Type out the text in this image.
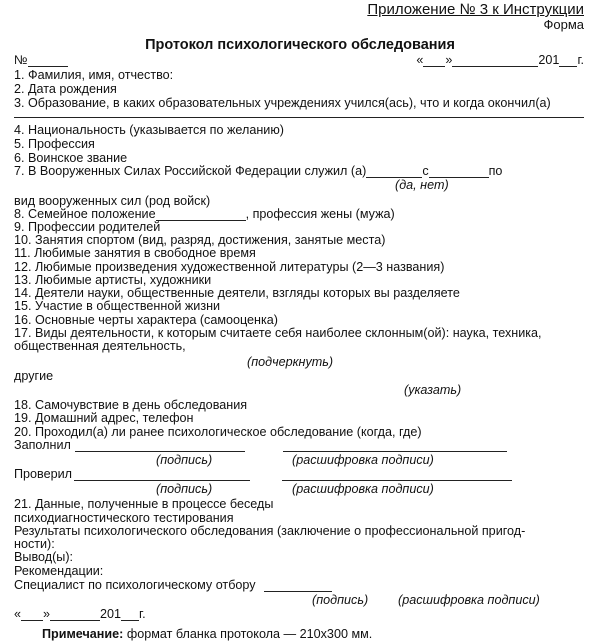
Приложение № 3 к Инструкции
Форма
Протокол психологического обследования
№	« »	201 г.
1. Фамилия, имя, отчество:
2. Дата рождения
3. Образование, в каких образовательных учреждениях учился(ась), что и когда окончил(а)
4. Национальность (указывается по желанию)
5. Профессия
6. Воинское звание
7. В Вооруженных Силах Российской Федерации служил (а)	с	по
(да, нет)
вид вооруженных сил (род войск)
8. Семейное положение	, профессия жены (мужа)
9. Профессии родителей
10. Занятия спортом (вид, разряд, достижения, занятые места)
11. Любимые занятия в свободное время
12. Любимые произведения художественной литературы (2—3 названия)
13. Любимые артисты, художники
14. Деятели науки, общественные деятели, взгляды которых вы разделяете
15. Участие в общественной жизни
16. Основные черты характера (самооценка)
17. Виды деятельности, к которым считаете себя наиболее склонным(ой): наука, техника,
общественная деятельность,
(подчеркнуть)
другие
(указать)
18. Самочувствие в день обследования
19. Домашний адрес, телефон
20. Проходил(а) ли ранее психологическое обследование (когда, где)
Заполнил
(подпись)	(расшифровка подписи)
Проверил
(подпись)	(расшифровка подписи)
21. Данные, полученные в процессе беседы
психодиагностического тестирования
Результаты психологического обследования (заключение о профессиональной пригод-
ности):
Вывод(ы):
Рекомендации:
Специалист по психологическому отбору
(подпись) (расшифровка подписи)
« »	201 г.
Примечание: формат бланка протокола — 210x300 мм.
